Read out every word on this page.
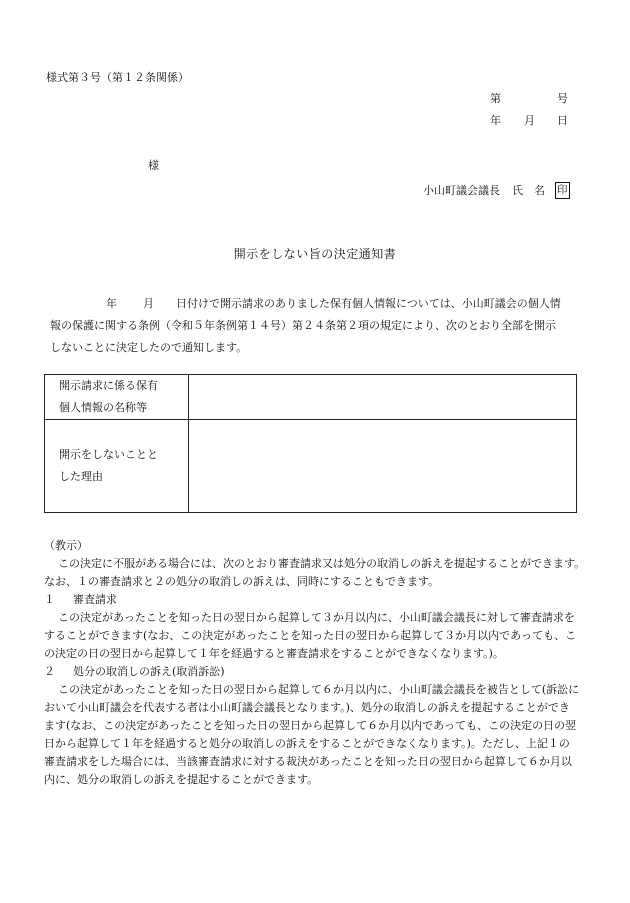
様式第３号（第１２条関係）
第	号
年 月 日
様
小山町議会議長 氏　名 印
開示をしない旨の決定通知書
年 月 日付けで開示請求のありました保有個人情報については、小山町議会の個人情
報の保護に関する条例（令和５年条例第１４号）第２４条第２項の規定により、次のとおり全部を開示
しないことに決定したので通知します。
開示請求に係る保有
個人情報の名称等	
開示をしないことと
した理由	
（教示）
この決定に不服がある場合には、次のとおり審査請求又は処分の取消しの訴えを提起することができます。
なお、１の審査請求と２の処分の取消しの訴えは、同時にすることもできます。
１ 審査請求
この決定があったことを知った日の翌日から起算して３か月以内に、小山町議会議長に対して審査請求を
することができます(なお、この決定があったことを知った日の翌日から起算して３か月以内であっても、こ
の決定の日の翌日から起算して１年を経過すると審査請求をすることができなくなります。)。
２ 処分の取消しの訴え(取消訴訟)
この決定があったことを知った日の翌日から起算して６か月以内に、小山町議会議長を被告として(訴訟に
おいて小山町議会を代表する者は小山町議会議長となります。)、処分の取消しの訴えを提起することができ
ます(なお、この決定があったことを知った日の翌日から起算して６か月以内であっても、この決定の日の翌
日から起算して１年を経過すると処分の取消しの訴えをすることができなくなります。)。ただし、上記１の
審査請求をした場合には、当該審査請求に対する裁決があったことを知った日の翌日から起算して６か月以
内に、処分の取消しの訴えを提起することができます。
